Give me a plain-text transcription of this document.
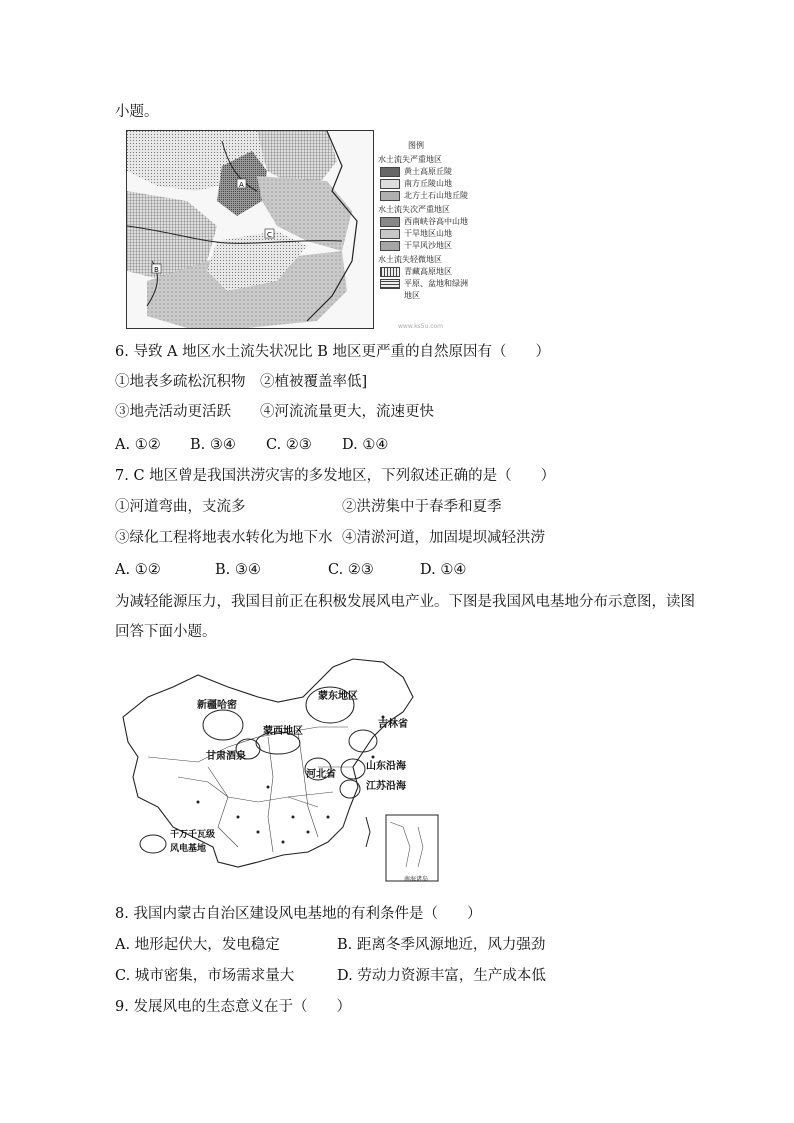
小题。
A
C
B
图例
水土流失严重地区
黄土高原丘陵
南方丘陵山地
北方土石山地丘陵
水土流失次严重地区
西南峡谷高中山地
干旱地区山地
干旱风沙地区
水土流失轻微地区
青藏高原地区
平原、盆地和绿洲
地区
www.ks5u.com
6. 导致 A 地区水土流失状况比 B 地区更严重的自然原因有（　　）
①地表多疏松沉积物 ②植被覆盖率低]
③地壳活动更活跃 ④河流流量更大，流速更快
A. ①② B. ③④ C. ②③ D. ①④
7. C 地区曾是我国洪涝灾害的多发地区，下列叙述正确的是（　　）
①河道弯曲，支流多	②洪涝集中于春季和夏季
③绿化工程将地表水转化为地下水 ④清淤河道，加固堤坝减轻洪涝
A. ①②	B. ③④	C. ②③	D. ①④
为减轻能源压力，我国目前正在积极发展风电产业。下图是我国风电基地分布示意图，读图
回答下面小题。
新疆哈密
蒙东地区
吉林省
蒙西地区
甘肃酒泉
河北省
山东沿海
江苏沿海
千万千瓦级
风电基地
南海诸岛
8. 我国内蒙古自治区建设风电基地的有利条件是（　　）
A. 地形起伏大，发电稳定	B. 距离冬季风源地近，风力强劲
C. 城市密集，市场需求量大	D. 劳动力资源丰富，生产成本低
9. 发展风电的生态意义在于（　　）
